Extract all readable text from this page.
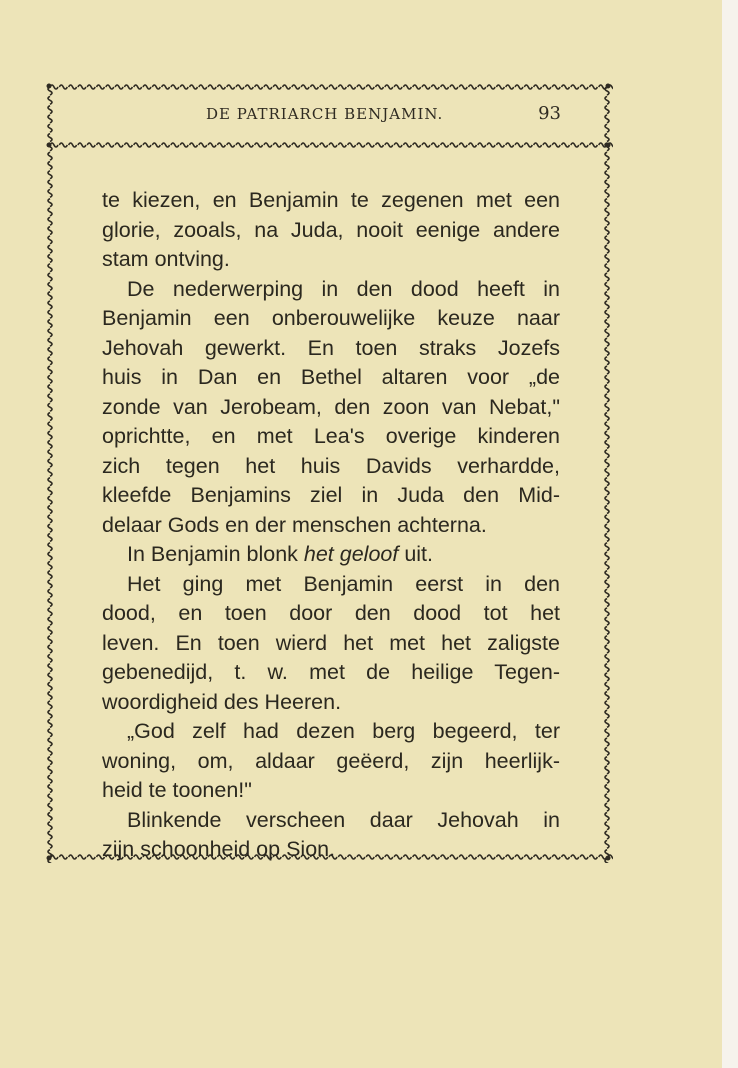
DE PATRIARCH BENJAMIN.	93
te kiezen, en Benjamin te zegenen met een
glorie, zooals, na Juda, nooit eenige andere
stam ontving.
De nederwerping in den dood heeft in
Benjamin een onberouwelijke keuze naar
Jehovah gewerkt. En toen straks Jozefs
huis in Dan en Bethel altaren voor „de
zonde van Jerobeam, den zoon van Nebat,"
oprichtte, en met Lea's overige kinderen
zich tegen het huis Davids verhardde,
kleefde Benjamins ziel in Juda den Mid-
delaar Gods en der menschen achterna.
In Benjamin blonk het geloof uit.
Het ging met Benjamin eerst in den
dood, en toen door den dood tot het
leven. En toen wierd het met het zaligste
gebenedijd, t. w. met de heilige Tegen-
woordigheid des Heeren.
„God zelf had dezen berg begeerd, ter
woning, om, aldaar geëerd, zijn heerlijk-
heid te toonen!"
Blinkende verscheen daar Jehovah in
zijn schoonheid op Sion.
